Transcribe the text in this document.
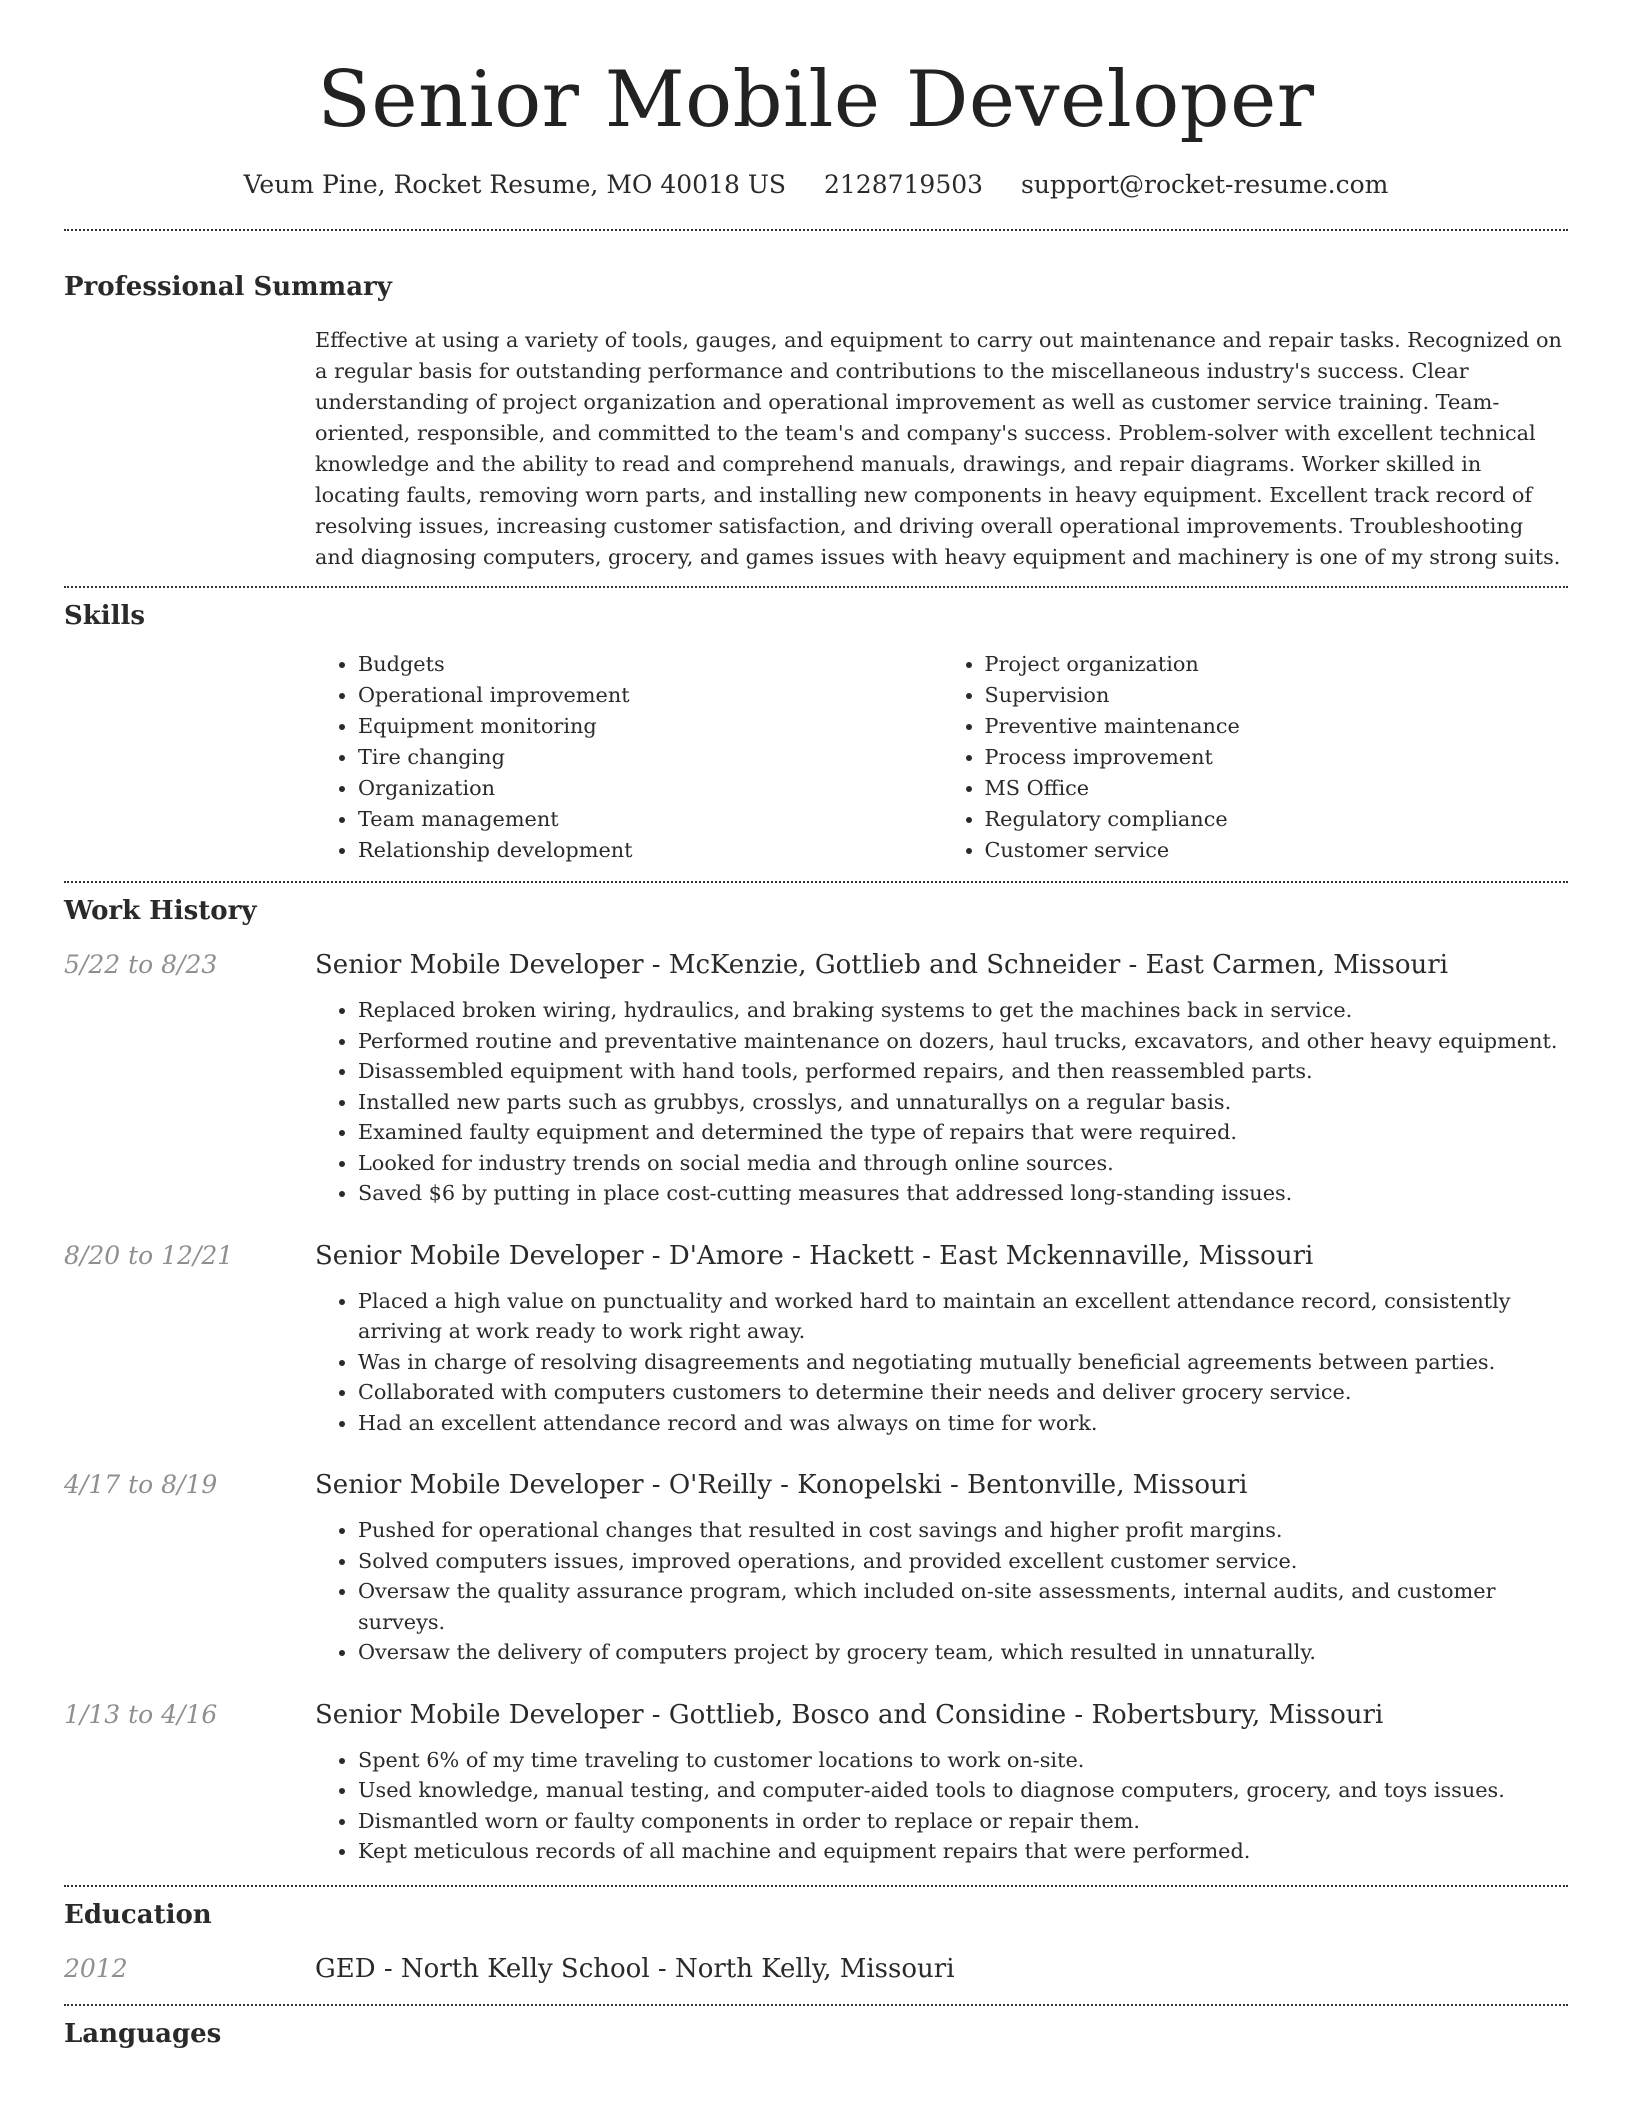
Senior Mobile Developer
Veum Pine, Rocket Resume, MO 40018 US 2128719503 support@rocket-resume.com
Professional Summary

Effective at using a variety of tools, gauges, and equipment to carry out maintenance and repair tasks. Recognized on a regular basis for outstanding performance and contributions to the miscellaneous industry's success. Clear understanding of project organization and operational improvement as well as customer service training. Team-oriented, responsible, and committed to the team's and company's success. Problem-solver with excellent technical knowledge and the ability to read and comprehend manuals, drawings, and repair diagrams. Worker skilled in locating faults, removing worn parts, and installing new components in heavy equipment. Excellent track record of resolving issues, increasing customer satisfaction, and driving overall operational improvements. Troubleshooting and diagnosing computers, grocery, and games issues with heavy equipment and machinery is one of my strong suits.

Skills
• Budgets
• Operational improvement
• Equipment monitoring
• Tire changing
• Organization
• Team management
• Relationship development
• Project organization
• Supervision
• Preventive maintenance
• Process improvement
• MS Office
• Regulatory compliance
• Customer service
Work History
5/22 to 8/23	Senior Mobile Developer - McKenzie, Gottlieb and Schneider - East Carmen, Missouri
• Replaced broken wiring, hydraulics, and braking systems to get the machines back in service.
• Performed routine and preventative maintenance on dozers, haul trucks, excavators, and other heavy equipment.
• Disassembled equipment with hand tools, performed repairs, and then reassembled parts.
• Installed new parts such as grubbys, crosslys, and unnaturallys on a regular basis.
• Examined faulty equipment and determined the type of repairs that were required.
• Looked for industry trends on social media and through online sources.
• Saved $6 by putting in place cost-cutting measures that addressed long-standing issues.
8/20 to 12/21	Senior Mobile Developer - D'Amore - Hackett - East Mckennaville, Missouri
• Placed a high value on punctuality and worked hard to maintain an excellent attendance record, consistently arriving at work ready to work right away.
• Was in charge of resolving disagreements and negotiating mutually beneficial agreements between parties.
• Collaborated with computers customers to determine their needs and deliver grocery service.
• Had an excellent attendance record and was always on time for work.
4/17 to 8/19	Senior Mobile Developer - O'Reilly - Konopelski - Bentonville, Missouri
• Pushed for operational changes that resulted in cost savings and higher profit margins.
• Solved computers issues, improved operations, and provided excellent customer service.
• Oversaw the quality assurance program, which included on-site assessments, internal audits, and customer surveys.
• Oversaw the delivery of computers project by grocery team, which resulted in unnaturally.
1/13 to 4/16	Senior Mobile Developer - Gottlieb, Bosco and Considine - Robertsbury, Missouri
• Spent 6% of my time traveling to customer locations to work on-site.
• Used knowledge, manual testing, and computer-aided tools to diagnose computers, grocery, and toys issues.
• Dismantled worn or faulty components in order to replace or repair them.
• Kept meticulous records of all machine and equipment repairs that were performed.
Education
2012	GED - North Kelly School - North Kelly, Missouri
Languages
